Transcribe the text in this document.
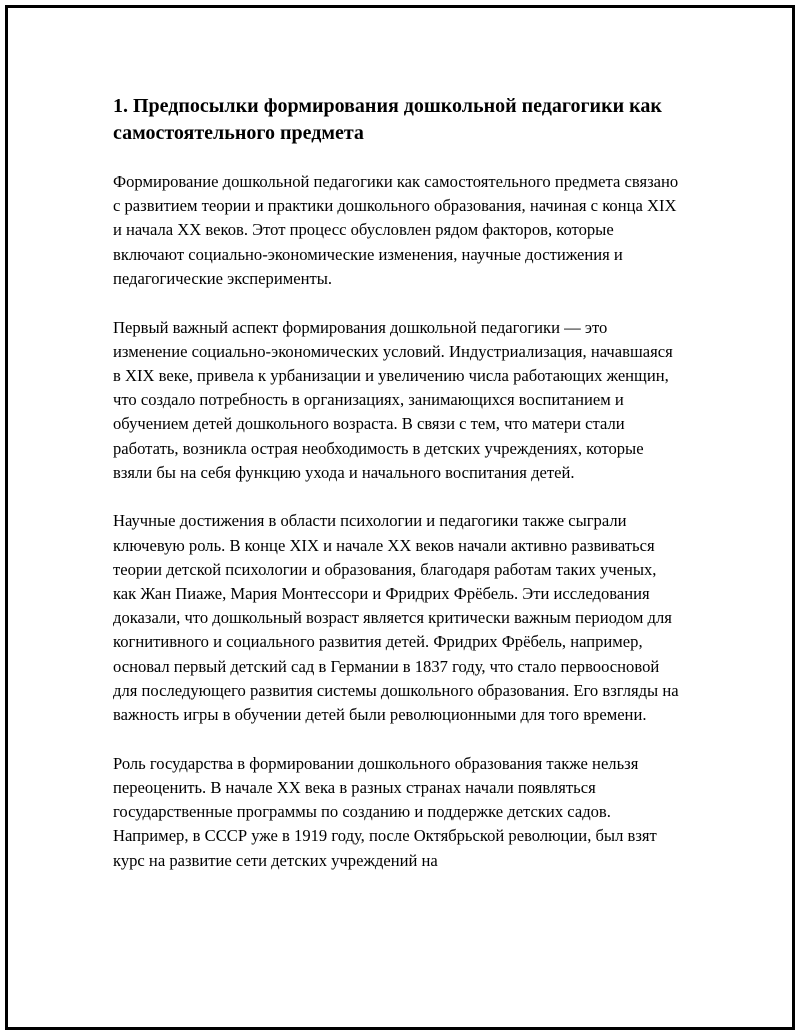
1. Предпосылки формирования дошкольной педагогики как самостоятельного предмета

Формирование дошкольной педагогики как самостоятельного предмета связано с развитием теории и практики дошкольного образования, начиная с конца XIX и начала XX веков. Этот процесс обусловлен рядом факторов, которые включают социально-экономические изменения, научные достижения и педагогические эксперименты.

Первый важный аспект формирования дошкольной педагогики — это изменение социально-экономических условий. Индустриализация, начавшаяся в XIX веке, привела к урбанизации и увеличению числа работающих женщин, что создало потребность в организациях, занимающихся воспитанием и обучением детей дошкольного возраста. В связи с тем, что матери стали работать, возникла острая необходимость в детских учреждениях, которые взяли бы на себя функцию ухода и начального воспитания детей.

Научные достижения в области психологии и педагогики также сыграли ключевую роль. В конце XIX и начале XX веков начали активно развиваться теории детской психологии и образования, благодаря работам таких ученых, как Жан Пиаже, Мария Монтессори и Фридрих Фрёбель. Эти исследования доказали, что дошкольный возраст является критически важным периодом для когнитивного и социального развития детей. Фридрих Фрёбель, например, основал первый детский сад в Германии в 1837 году, что стало первоосновой для последующего развития системы дошкольного образования. Его взгляды на важность игры в обучении детей были революционными для того времени.

Роль государства в формировании дошкольного образования также нельзя переоценить. В начале XX века в разных странах начали появляться государственные программы по созданию и поддержке детских садов. Например, в СССР уже в 1919 году, после Октябрьской революции, был взят курс на развитие сети детских учреждений на
